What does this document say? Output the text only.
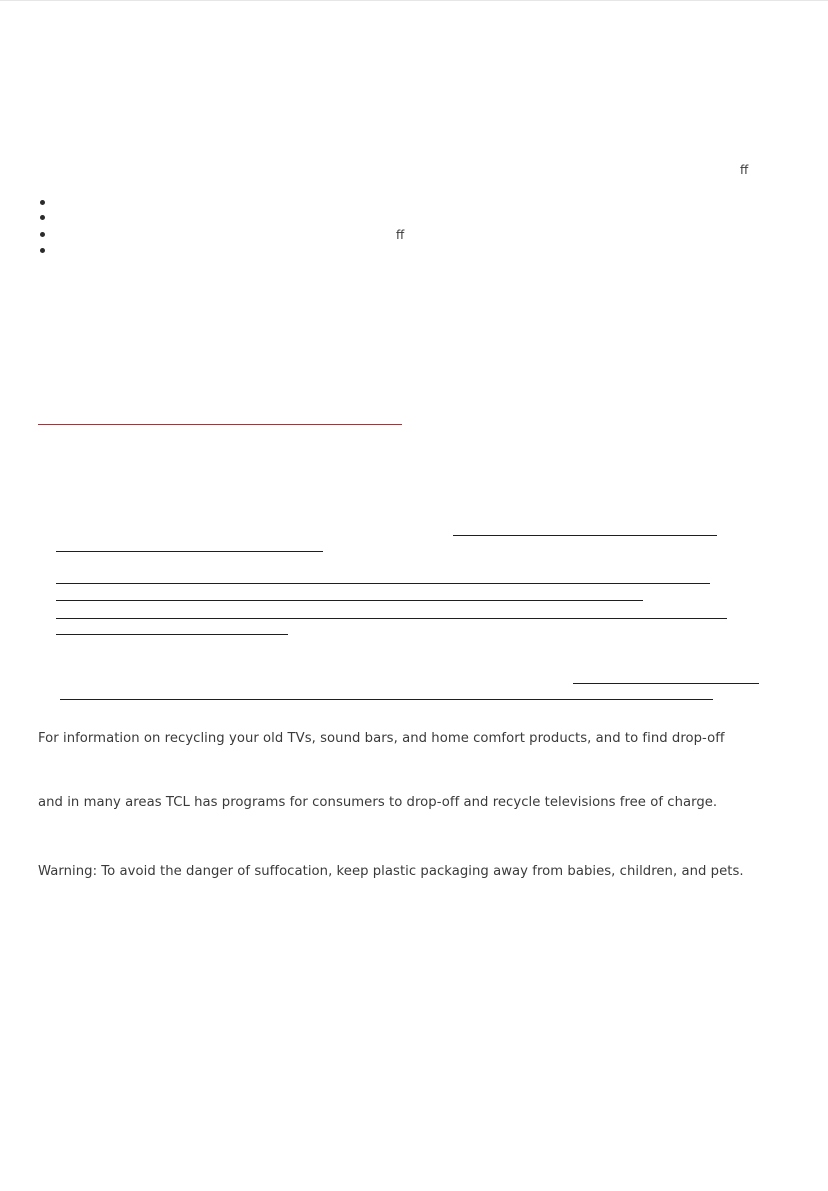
ff
ff

For information on recycling your old TVs, sound bars, and home comfort products, and to find drop-off

and in many areas TCL has programs for consumers to drop-off and recycle televisions free of charge.

Warning: To avoid the danger of suffocation, keep plastic packaging away from babies, children, and pets.
